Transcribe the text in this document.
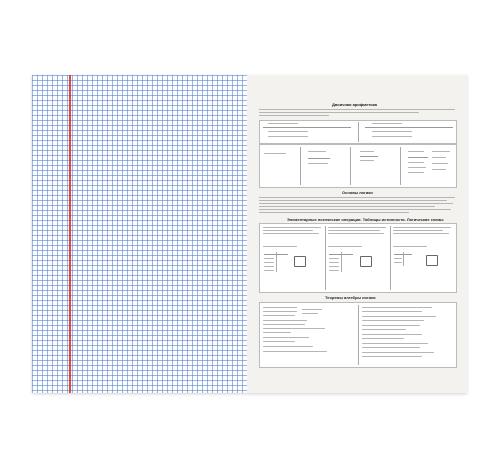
Двоичная арифметика
Основы логики
Элементарные логические операции. Таблицы истинности. Логические схемы
Теоремы алгебры логики
